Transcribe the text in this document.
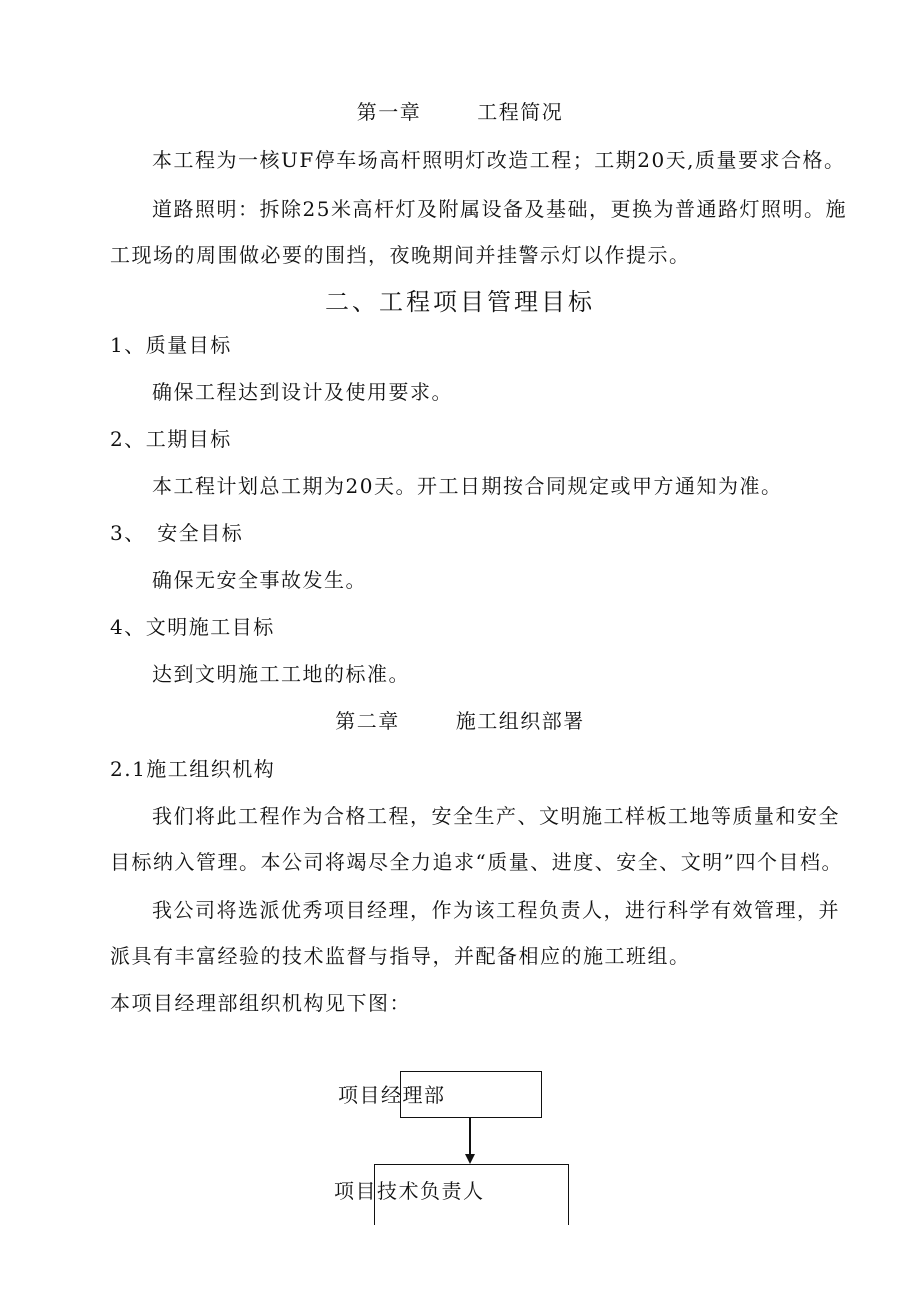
第一章	工程简况
本工程为一核UF停车场高杆照明灯改造工程；工期20天,质量要求合格。
道路照明：拆除25米高杆灯及附属设备及基础，更换为普通路灯照明。施
工现场的周围做必要的围挡，夜晚期间并挂警示灯以作提示。
二、工程项目管理目标
1、质量目标
确保工程达到设计及使用要求。
2、工期目标
本工程计划总工期为20天。开工日期按合同规定或甲方通知为准。
3、　安全目标
确保无安全事故发生。
4、文明施工目标
达到文明施工工地的标准。
第二章	施工组织部署
2.1施工组织机构
我们将此工程作为合格工程，安全生产、文明施工样板工地等质量和安全
目标纳入管理。本公司将竭尽全力追求“质量、进度、安全、文明”四个目档。
我公司将选派优秀项目经理，作为该工程负责人，进行科学有效管理，并
派具有丰富经验的技术监督与指导，并配备相应的施工班组。
本项目经理部组织机构见下图：
项目经理部
项目技术负责人
